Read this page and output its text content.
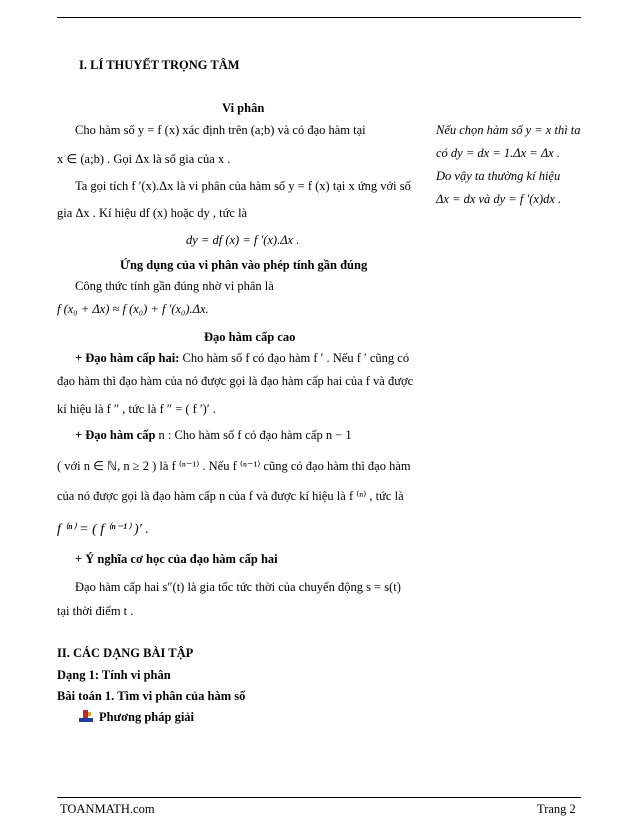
I. LÍ THUYẾT TRỌNG TÂM
Vi phân
Cho hàm số y = f (x) xác định trên (a;b) và có đạo hàm tại
x ∈ (a;b) . Gọi Δx là số gia của x .
Ta gọi tích f ′(x).Δx là vi phân của hàm số y = f (x) tại x ứng với số
gia Δx . Kí hiệu df (x) hoặc dy , tức là
dy = df (x) = f ′(x).Δx .
Nếu chọn hàm số y = x thì ta
có dy = dx = 1.Δx = Δx .
Do vậy ta thường kí hiệu
Δx = dx và dy = f ′(x)dx .
Ứng dụng của vi phân vào phép tính gần đúng
Công thức tính gần đúng nhờ vi phân là
f (x₀ + Δx) ≈ f (x₀) + f ′(x₀).Δx.
Đạo hàm cấp cao
+ Đạo hàm cấp hai: Cho hàm số f có đạo hàm f ′ . Nếu f ′ cũng có
đạo hàm thì đạo hàm của nó được gọi là đạo hàm cấp hai của f và được
kí hiệu là f ″ , tức là f ″ = ( f ′)′ .
+ Đạo hàm cấp n : Cho hàm số f có đạo hàm cấp n − 1
( với n ∈ ℕ, n ≥ 2 ) là f ⁽ⁿ⁻¹⁾ . Nếu f ⁽ⁿ⁻¹⁾ cũng có đạo hàm thì đạo hàm
của nó được gọi là đạo hàm cấp n của f và được kí hiệu là f ⁽ⁿ⁾ , tức là
f ⁽ⁿ⁾ = ( f ⁽ⁿ⁻¹⁾ )′ .
+ Ý nghĩa cơ học của đạo hàm cấp hai
Đạo hàm cấp hai s″(t) là gia tốc tức thời của chuyển động s = s(t)
tại thời điểm t .
II. CÁC DẠNG BÀI TẬP
Dạng 1: Tính vi phân
Bài toán 1. Tìm vi phân của hàm số
Phương pháp giải
TOANMATH.com	Trang 2
